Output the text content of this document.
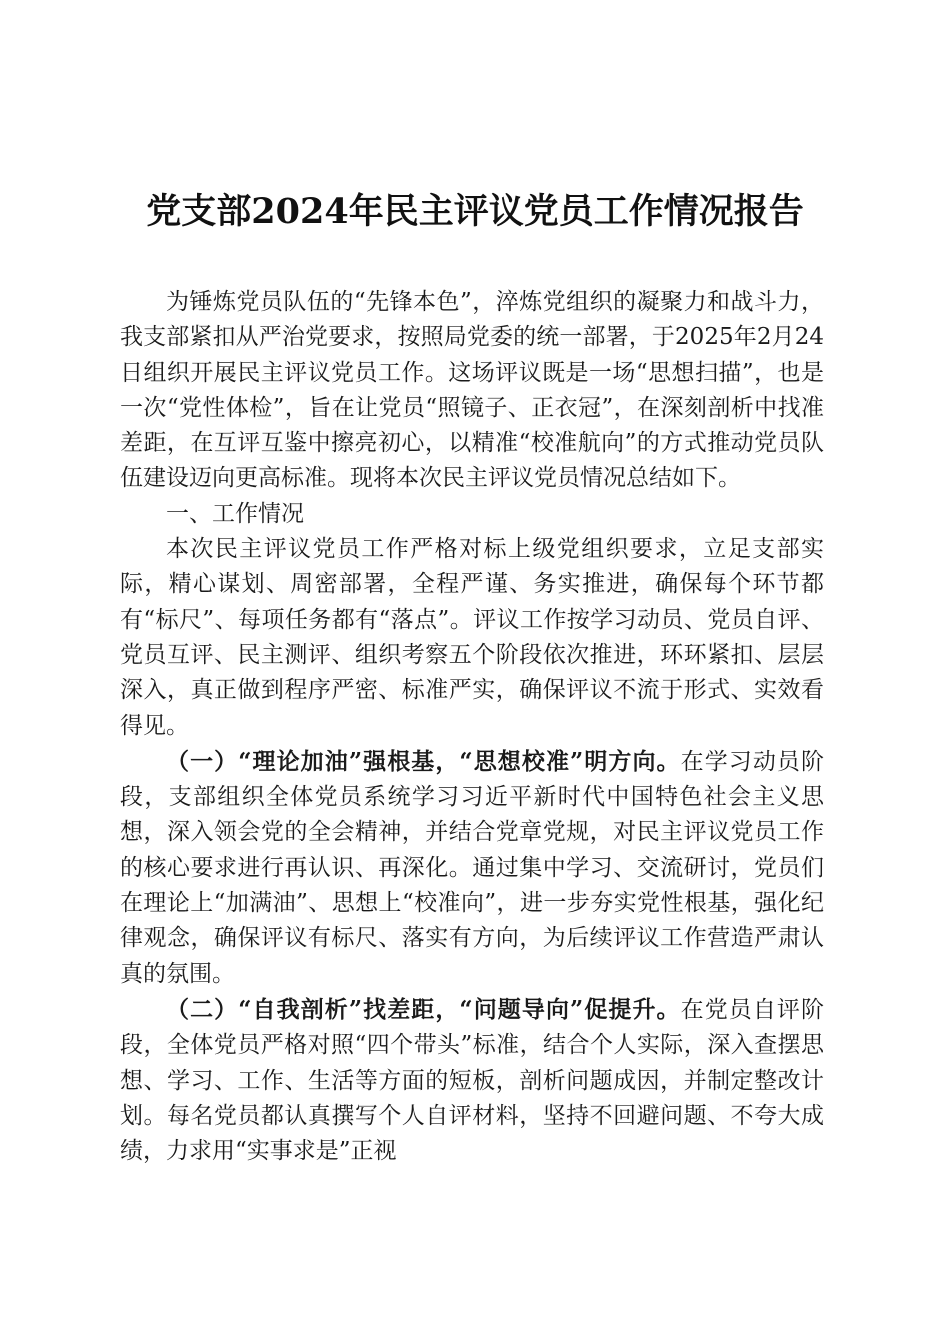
党支部2024年民主评议党员工作情况报告

为锤炼党员队伍的“先锋本色”，淬炼党组织的凝聚力和战斗力，我支部紧扣从严治党要求，按照局党委的统一部署，于2025年2月24日组织开展民主评议党员工作。这场评议既是一场“思想扫描”，也是一次“党性体检”，旨在让党员“照镜子、正衣冠”，在深刻剖析中找准差距，在互评互鉴中擦亮初心，以精准“校准航向”的方式推动党员队伍建设迈向更高标准。现将本次民主评议党员情况总结如下。

一、工作情况

本次民主评议党员工作严格对标上级党组织要求，立足支部实际，精心谋划、周密部署，全程严谨、务实推进，确保每个环节都有“标尺”、每项任务都有“落点”。评议工作按学习动员、党员自评、党员互评、民主测评、组织考察五个阶段依次推进，环环紧扣、层层深入，真正做到程序严密、标准严实，确保评议不流于形式、实效看得见。

（一）“理论加油”强根基，“思想校准”明方向。在学习动员阶段，支部组织全体党员系统学习习近平新时代中国特色社会主义思想，深入领会党的全会精神，并结合党章党规，对民主评议党员工作的核心要求进行再认识、再深化。通过集中学习、交流研讨，党员们在理论上“加满油”、思想上“校准向”，进一步夯实党性根基，强化纪律观念，确保评议有标尺、落实有方向，为后续评议工作营造严肃认真的氛围。

（二）“自我剖析”找差距，“问题导向”促提升。在党员自评阶段，全体党员严格对照“四个带头”标准，结合个人实际，深入查摆思想、学习、工作、生活等方面的短板，剖析问题成因，并制定整改计划。每名党员都认真撰写个人自评材料，坚持不回避问题、不夸大成绩，力求用“实事求是”正视
